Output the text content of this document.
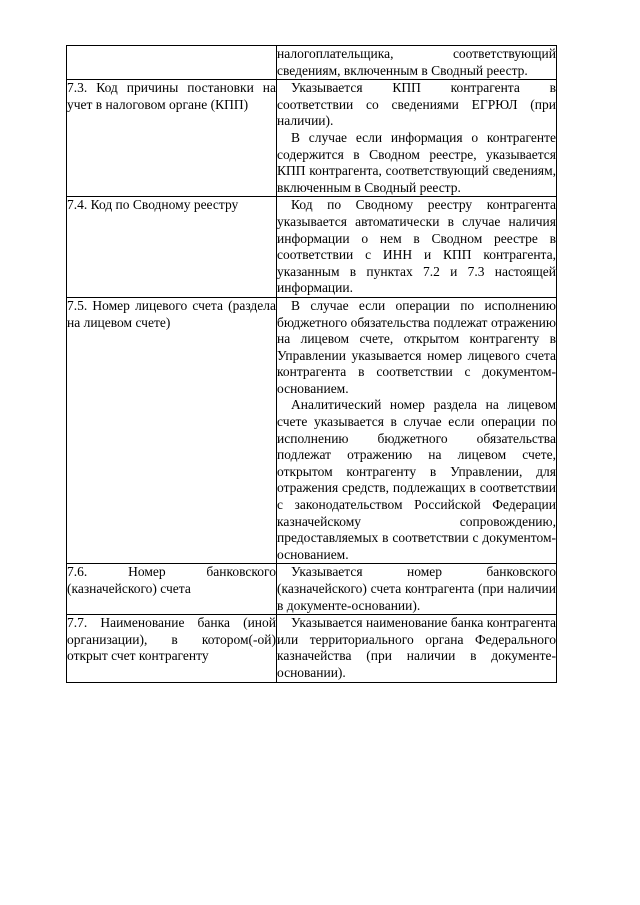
	налогоплательщика, соответствующий сведениям, включенным в Сводный реестр.

7.3. Код причины постановки на учет в налоговом органе (КПП)	Указывается КПП контрагента в соответствии со сведениями ЕГРЮЛ (при наличии).

В случае если информация о контрагенте содержится в Сводном реестре, указывается КПП контрагента, соответствующий сведениям, включенным в Сводный реестр.

7.4. Код по Сводному реестру	Код по Сводному реестру контрагента указывается автоматически в случае наличия информации о нем в Сводном реестре в соответствии с ИНН и КПП контрагента, указанным в пунктах 7.2 и 7.3 настоящей информации.

7.5. Номер лицевого счета (раздела на лицевом счете)	В случае если операции по исполнению бюджетного обязательства подлежат отражению на лицевом счете, открытом контрагенту в Управлении указывается номер лицевого счета контрагента в соответствии с документом-основанием.

Аналитический номер раздела на лицевом счете указывается в случае если операции по исполнению бюджетного обязательства подлежат отражению на лицевом счете, открытом контрагенту в Управлении, для отражения средств, подлежащих в соответствии с законодательством Российской Федерации казначейскому сопровождению, предоставляемых в соответствии с документом-основанием.

7.6. Номер банковского (казначейского) счета	Указывается номер банковского (казначейского) счета контрагента (при наличии в документе-основании).

7.7. Наименование банка (иной организации), в котором(-ой) открыт счет контрагенту	Указывается наименование банка контрагента или территориального органа Федерального казначейства (при наличии в документе-основании).
